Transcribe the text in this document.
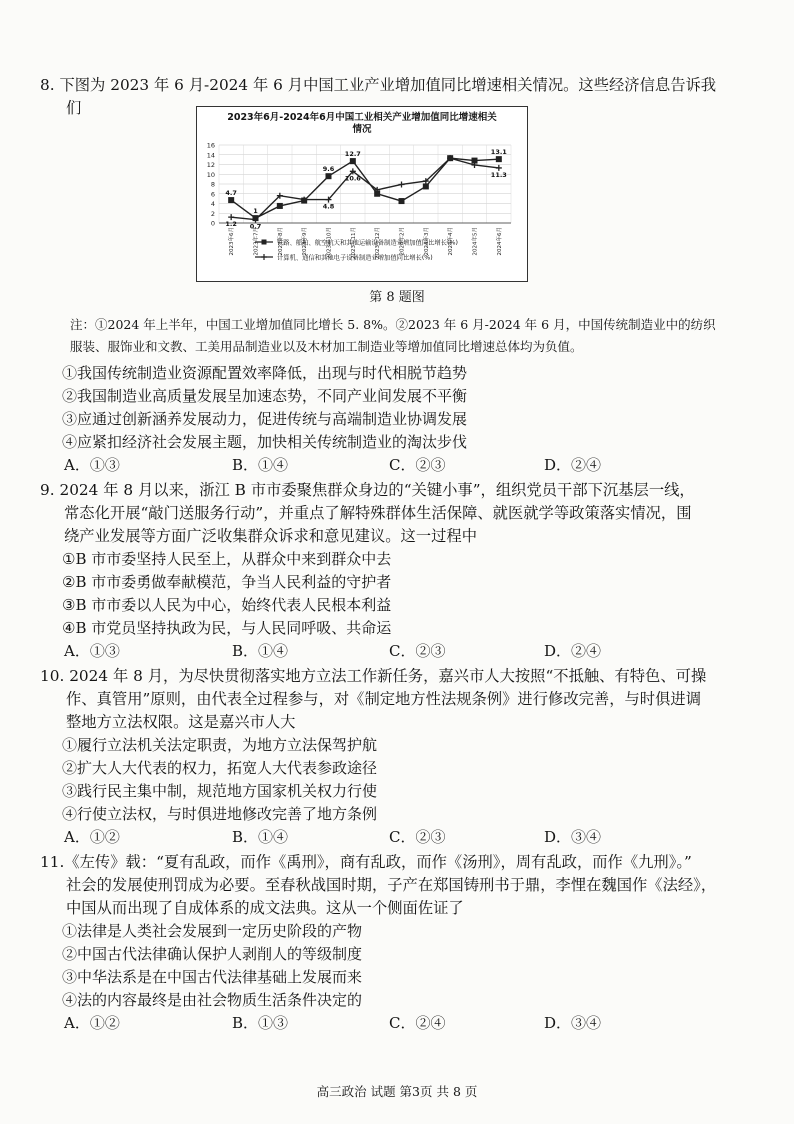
8. 下图为 2023 年 6 月-2024 年 6 月中国工业产业增加值同比增速相关情况。这些经济信息告诉我
们
2023年6月-2024年6月中国工业相关产业增加值同比增速相关
情况
0
2
4
6
8
10
12
14
16
2023年6月	2023年7月	2023年8月	2023年9月	2023年10月	2023年11月	2023年12月	2024年2月	2024年3月	2024年4月	2024年5月	2024年6月
4.7
1.2 0.7
1
9.6
4.8
12.7
10.6
13.1
11.3
铁路、船舶、航空航天和其他运输设备制造业增加值同比增长(%)
计算机、通信和其他电子设备制造业增加值同比增长(%)
第 8 题图
注：①2024 年上半年，中国工业增加值同比增长 5. 8%。②2023 年 6 月-2024 年 6 月，中国传统制造业中的纺织
服装、服饰业和文教、工美用品制造业以及木材加工制造业等增加值同比增速总体均为负值。
①我国传统制造业资源配置效率降低，出现与时代相脱节趋势
②我国制造业高质量发展呈加速态势，不同产业间发展不平衡
③应通过创新涵养发展动力，促进传统与高端制造业协调发展
④应紧扣经济社会发展主题，加快相关传统制造业的淘汰步伐
A．①③	B．①④	C．②③	D．②④
9. 2024 年 8 月以来，浙江 B 市市委聚焦群众身边的“关键小事”，组织党员干部下沉基层一线，
常态化开展“敲门送服务行动”，并重点了解特殊群体生活保障、就医就学等政策落实情况，围
绕产业发展等方面广泛收集群众诉求和意见建议。这一过程中
①B 市市委坚持人民至上，从群众中来到群众中去
②B 市市委勇做奉献模范，争当人民利益的守护者
③B 市市委以人民为中心，始终代表人民根本利益
④B 市党员坚持执政为民，与人民同呼吸、共命运
A．①③	B．①④	C．②③	D．②④
10. 2024 年 8 月，为尽快贯彻落实地方立法工作新任务，嘉兴市人大按照“不抵触、有特色、可操
作、真管用”原则，由代表全过程参与，对《制定地方性法规条例》进行修改完善，与时俱进调
整地方立法权限。这是嘉兴市人大
①履行立法机关法定职责，为地方立法保驾护航
②扩大人大代表的权力，拓宽人大代表参政途径
③践行民主集中制，规范地方国家机关权力行使
④行使立法权，与时俱进地修改完善了地方条例
A．①②	B．①④	C．②③	D．③④
11.《左传》载：“夏有乱政，而作《禹刑》，商有乱政，而作《汤刑》，周有乱政，而作《九刑》。”
社会的发展使刑罚成为必要。至春秋战国时期，子产在郑国铸刑书于鼎，李悝在魏国作《法经》，
中国从而出现了自成体系的成文法典。这从一个侧面佐证了
①法律是人类社会发展到一定历史阶段的产物
②中国古代法律确认保护人剥削人的等级制度
③中华法系是在中国古代法律基础上发展而来
④法的内容最终是由社会物质生活条件决定的
A．①②	B．①③	C．②④	D．③④
高三政治 试题 第3页 共 8 页
